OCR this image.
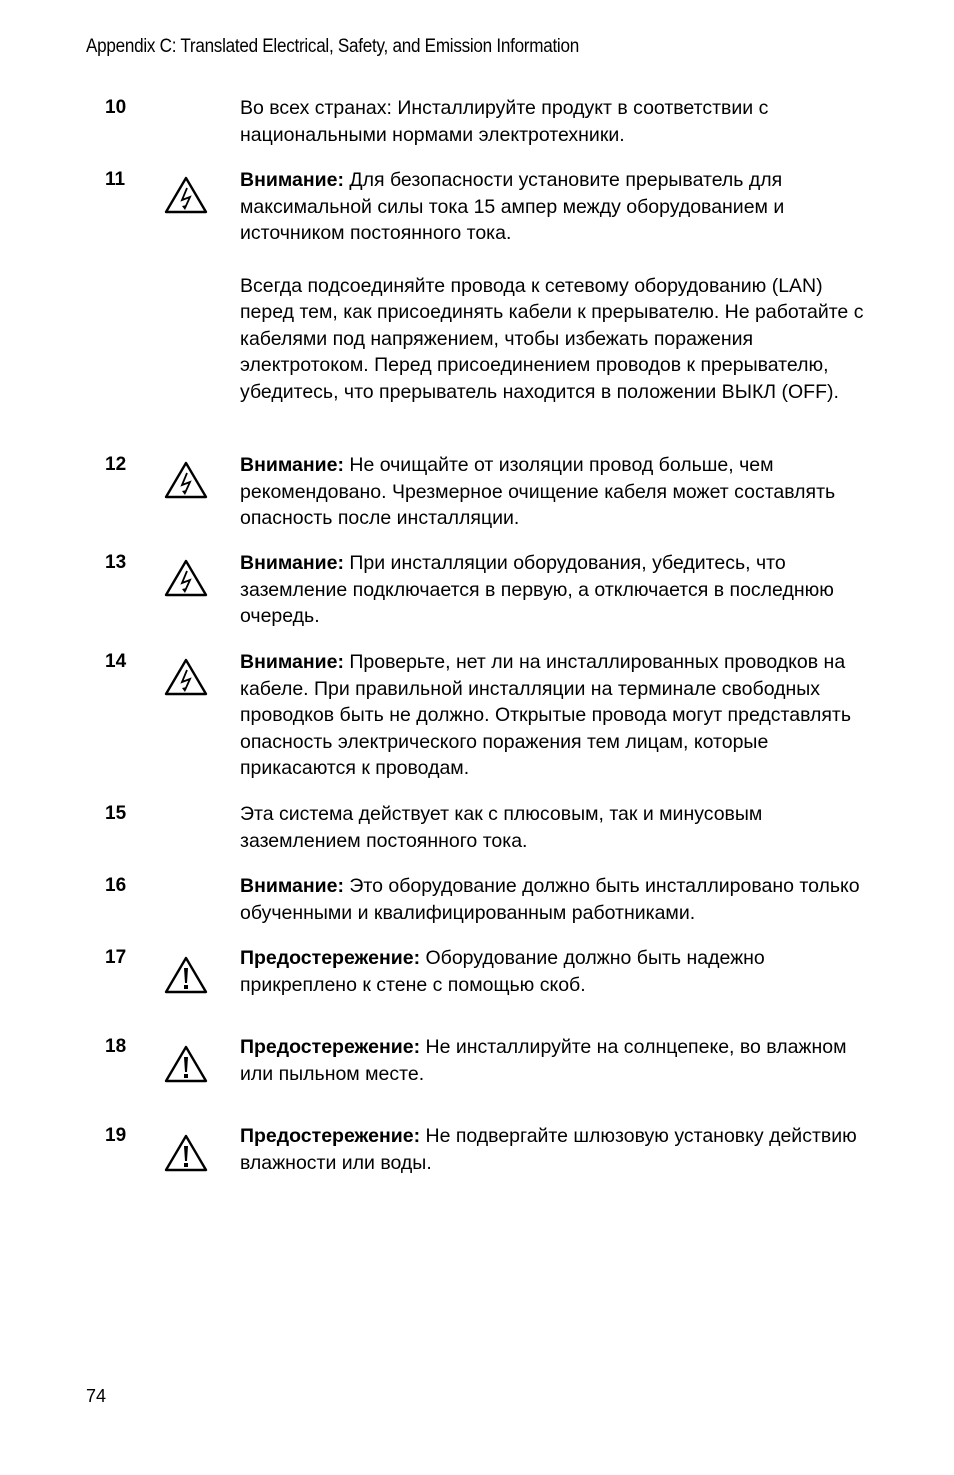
Appendix C: Translated Electrical, Safety, and Emission Information
10	Во всех странах: Инсталлируйте продукт в соответствии с национальными нормами электротехники.

11	Внимание: Для безопасности установите прерыватель для максимальной силы тока 15 ампер между оборудованием и источником постоянного тока.

Всегда подсоединяйте провода к сетевому оборудованию (LAN) перед тем, как присоединять кабели к прерывателю. Не работайте с кабелями под напряжением, чтобы избежать поражения электротоком. Перед присоединением проводов к прерывателю, убедитесь, что прерыватель находится в положении ВЫКЛ (OFF).

12	Внимание: Не очищайте от изоляции провод больше, чем рекомендовано. Чрезмерное очищение кабеля может составлять опасность после инсталляции.

13	Внимание: При инсталляции оборудования, убедитесь, что заземление подключается в первую, а отключается в последнюю очередь.

14	Внимание: Проверьте, нет ли на инсталлированных проводков на кабеле. При правильной инсталляции на терминале свободных проводков быть не должно. Открытые провода могут представлять опасность электрического поражения тем лицам, которые прикасаются к проводам.

15	Эта система действует как с плюсовым, так и минусовым заземлением постоянного тока.

16	Внимание: Это оборудование должно быть инсталлировано только обученными и квалифицированным работниками.

17	Предостережение: Оборудование должно быть надежно прикреплено к стене с помощью скоб.

18	Предостережение: Не инсталлируйте на солнцепеке, во влажном или пыльном месте.

19	Предостережение: Не подвергайте шлюзовую установку действию влажности или воды.

74
